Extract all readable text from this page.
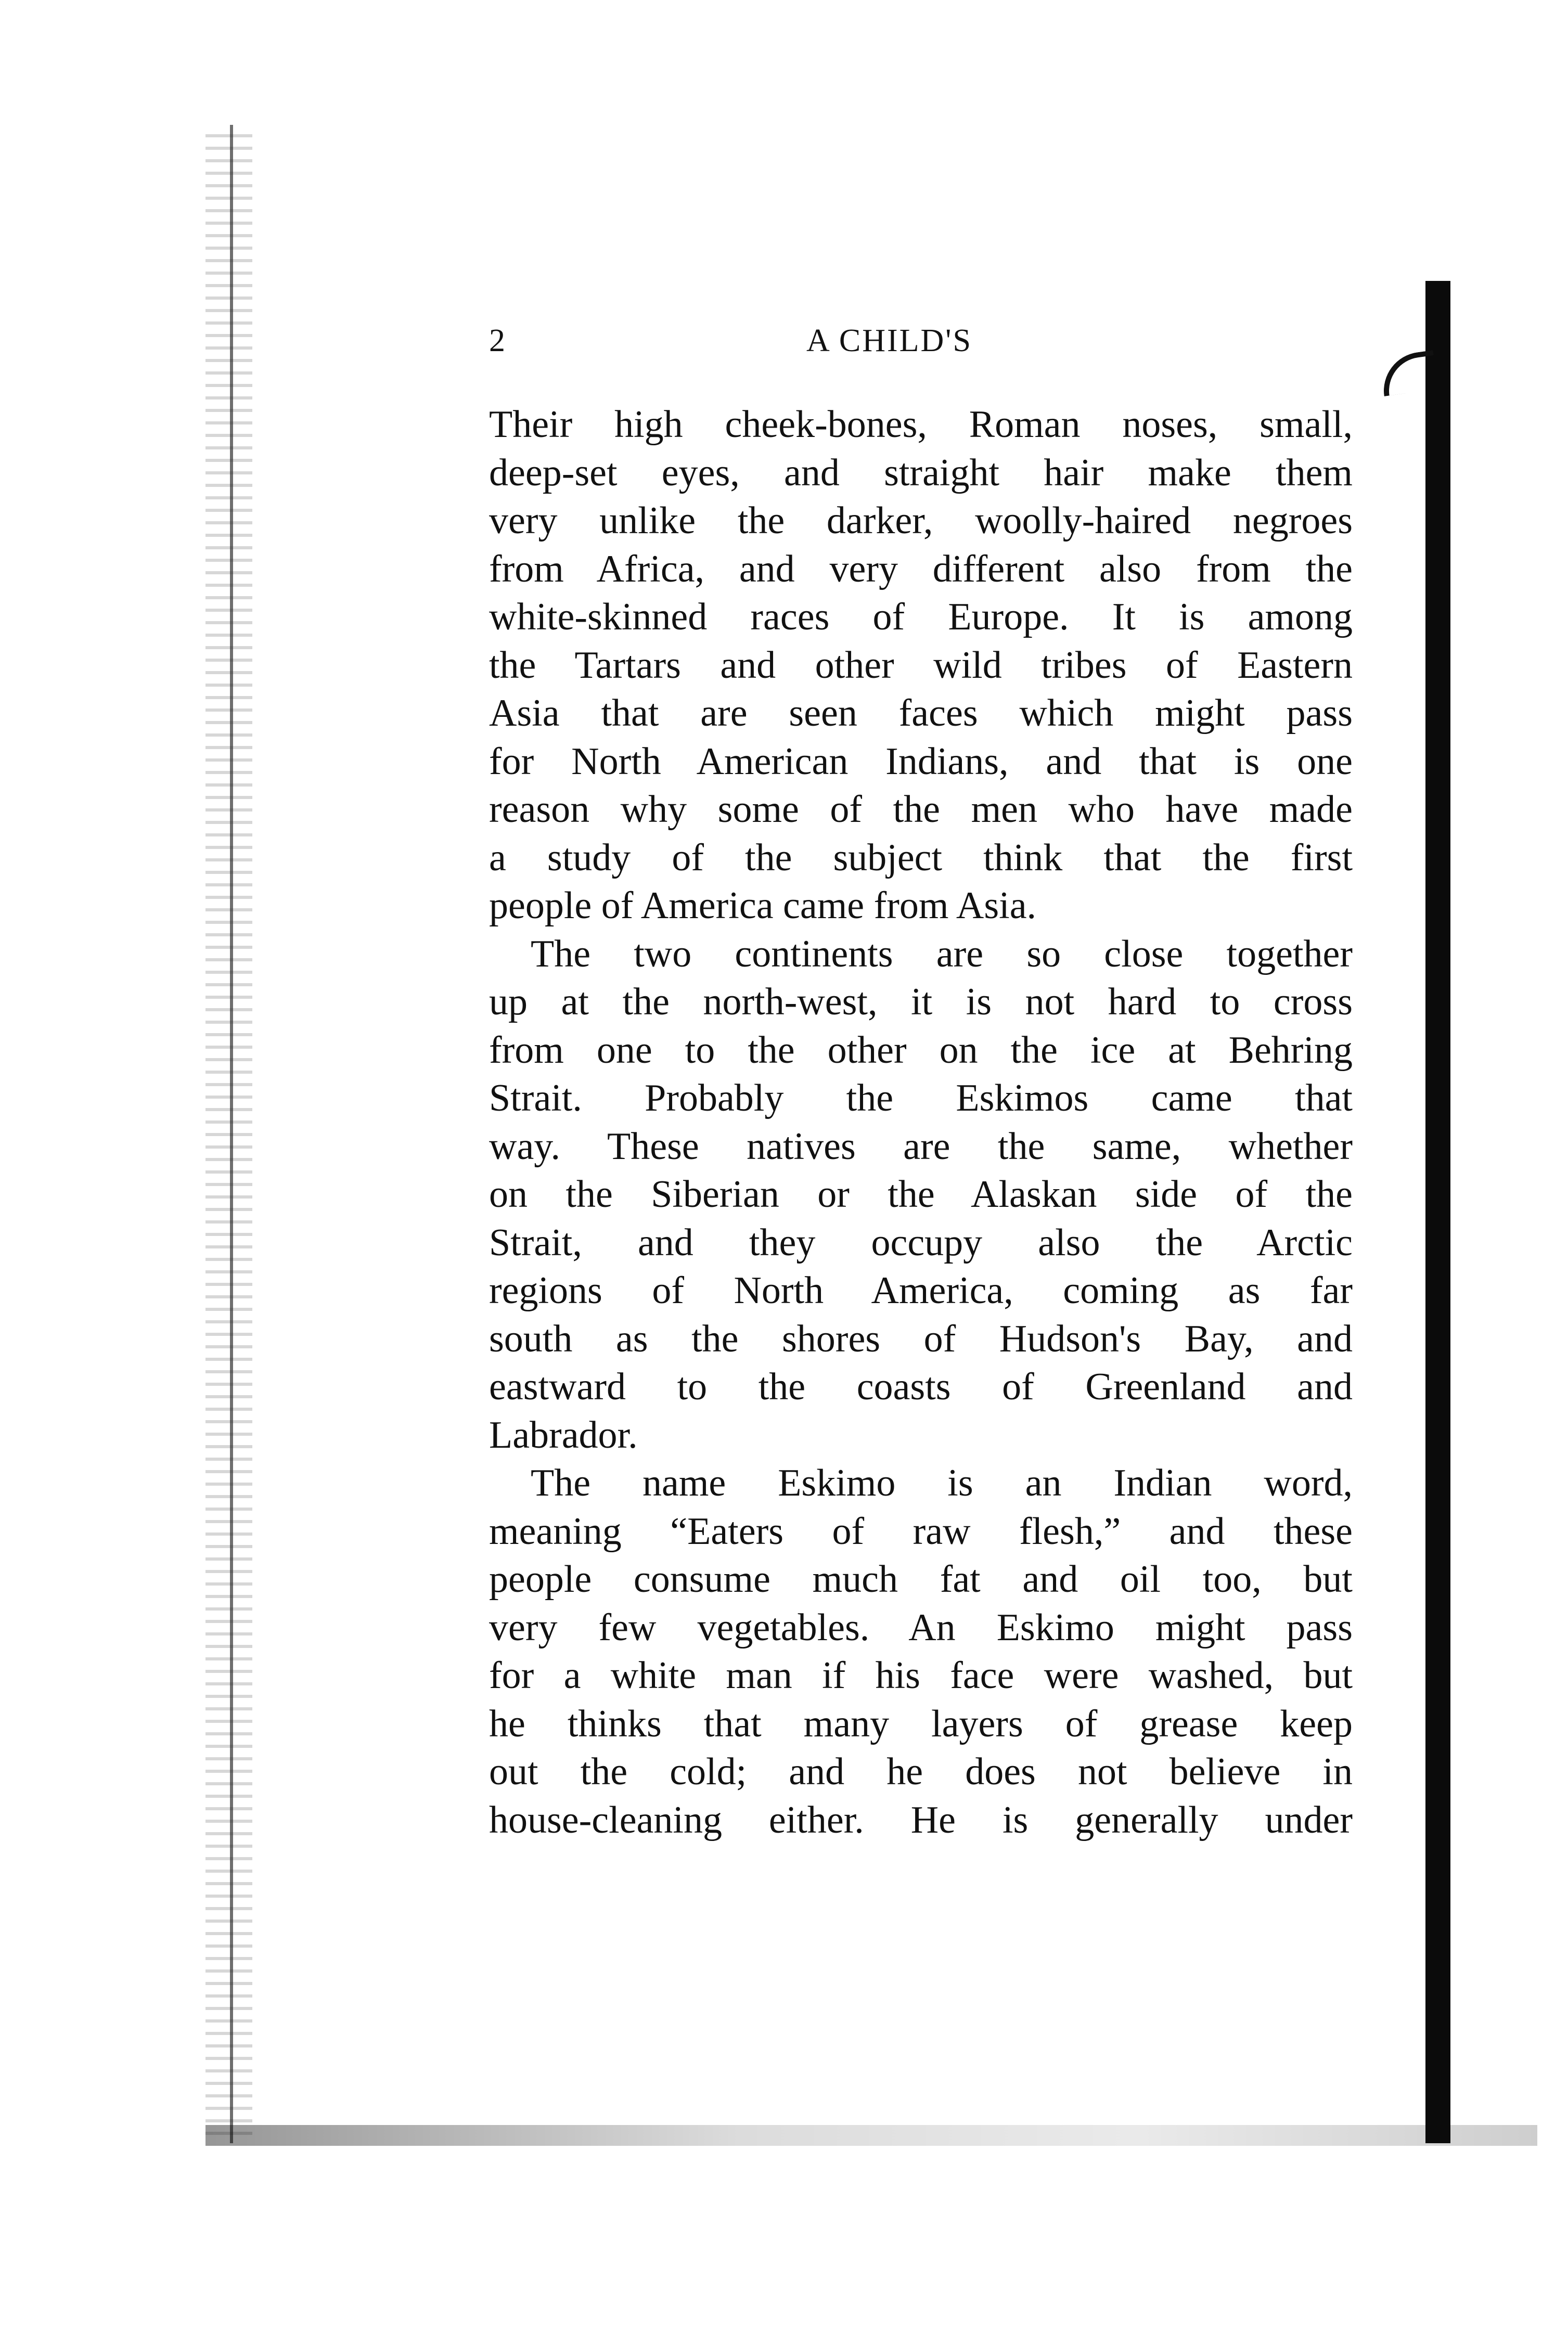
2	A CHILD'S
Their high cheek-bones, Roman noses, small,
deep-set eyes, and straight hair make them
very unlike the darker, woolly-haired negroes
from Africa, and very different also from the
white-skinned races of Europe. It is among
the Tartars and other wild tribes of Eastern
Asia that are seen faces which might pass
for North American Indians, and that is one
reason why some of the men who have made
a study of the subject think that the first
people of America came from Asia.
The two continents are so close together
up at the north-west, it is not hard to cross
from one to the other on the ice at Behring
Strait. Probably the Eskimos came that
way. These natives are the same, whether
on the Siberian or the Alaskan side of the
Strait, and they occupy also the Arctic
regions of North America, coming as far
south as the shores of Hudson's Bay, and
eastward to the coasts of Greenland and
Labrador.
The name Eskimo is an Indian word,
meaning “Eaters of raw flesh,” and these
people consume much fat and oil too, but
very few vegetables. An Eskimo might pass
for a white man if his face were washed, but
he thinks that many layers of grease keep
out the cold; and he does not believe in
house-cleaning either. He is generally under
